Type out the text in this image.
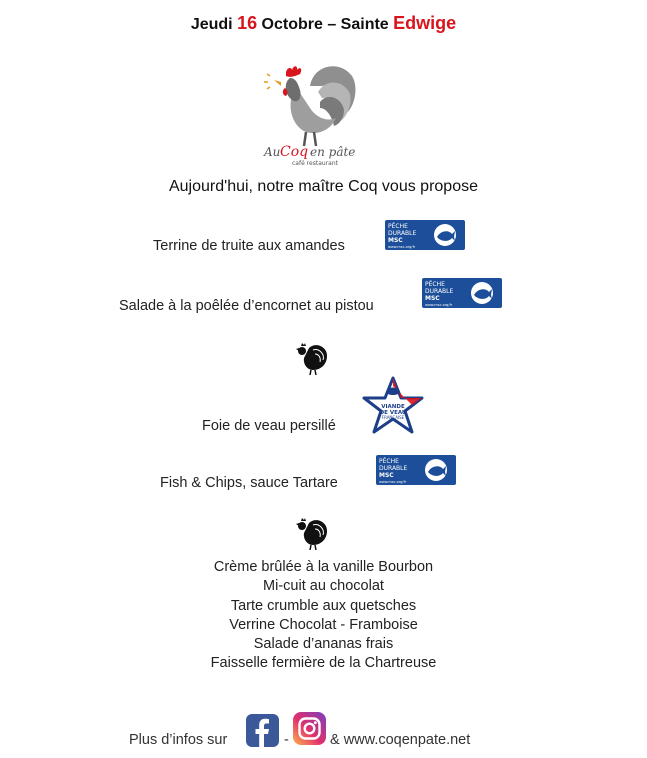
Jeudi 16 Octobre – Sainte Edwige
Au Coq en pâte
café restaurant
Aujourd'hui, notre maître Coq vous propose
Terrine de truite aux amandes
PÊCHE
DURABLE
MSC
www.msc.org/fr
Salade à la poêlée d’encornet au pistou
PÊCHE
DURABLE
MSC
www.msc.org/fr
Foie de veau persillé
VIANDE
DE VEAU
FRANÇAISE
Fish & Chips, sauce Tartare
PÊCHE
DURABLE
MSC
www.msc.org/fr
Crème brûlée à la vanille Bourbon
Mi-cuit au chocolat
Tarte crumble aux quetsches
Verrine Chocolat - Framboise
Salade d’ananas frais
Faisselle fermière de la Chartreuse
Plus d’infos sur	-	& www.coqenpate.net
